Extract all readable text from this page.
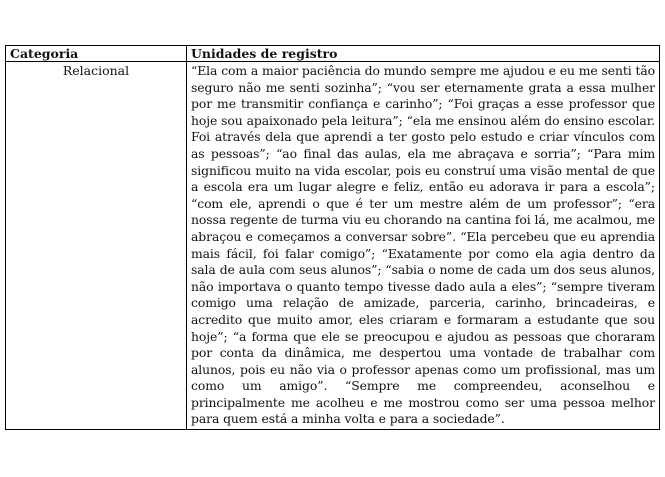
Categoria	Unidades de registro
Relacional	“Ela com a maior paciência do mundo sempre me ajudou e eu me senti tão seguro não me senti sozinha”; “vou ser eternamente grata a essa mulher por me transmitir confiança e carinho”; “Foi graças a esse professor que hoje sou apaixonado pela leitura”; “ela me ensinou além do ensino escolar. Foi através dela que aprendi a ter gosto pelo estudo e criar vínculos com as pessoas”; “ao final das aulas, ela me abraçava e sorria”; “Para mim significou muito na vida escolar, pois eu construí uma visão mental de que a escola era um lugar alegre e feliz, então eu adorava ir para a escola”; “com ele, aprendi o que é ter um mestre além de um professor”; “era nossa regente de turma viu eu chorando na cantina foi lá, me acalmou, me abraçou e começamos a conversar sobre”. “Ela percebeu que eu aprendia mais fácil, foi falar comigo”; “Exatamente por como ela agia dentro da sala de aula com seus alunos”; “sabia o nome de cada um dos seus alunos, não importava o quanto tempo tivesse dado aula a eles”; “sempre tiveram comigo uma relação de amizade, parceria, carinho, brincadeiras, e acredito que muito amor, eles criaram e formaram a estudante que sou hoje”; “a forma que ele se preocupou e ajudou as pessoas que choraram por conta da dinâmica, me despertou uma vontade de trabalhar com alunos, pois eu não via o professor apenas como um profissional, mas um como um amigo”. “Sempre me compreendeu, aconselhou e principalmente me acolheu e me mostrou como ser uma pessoa melhor para quem está a minha volta e para a sociedade”.
